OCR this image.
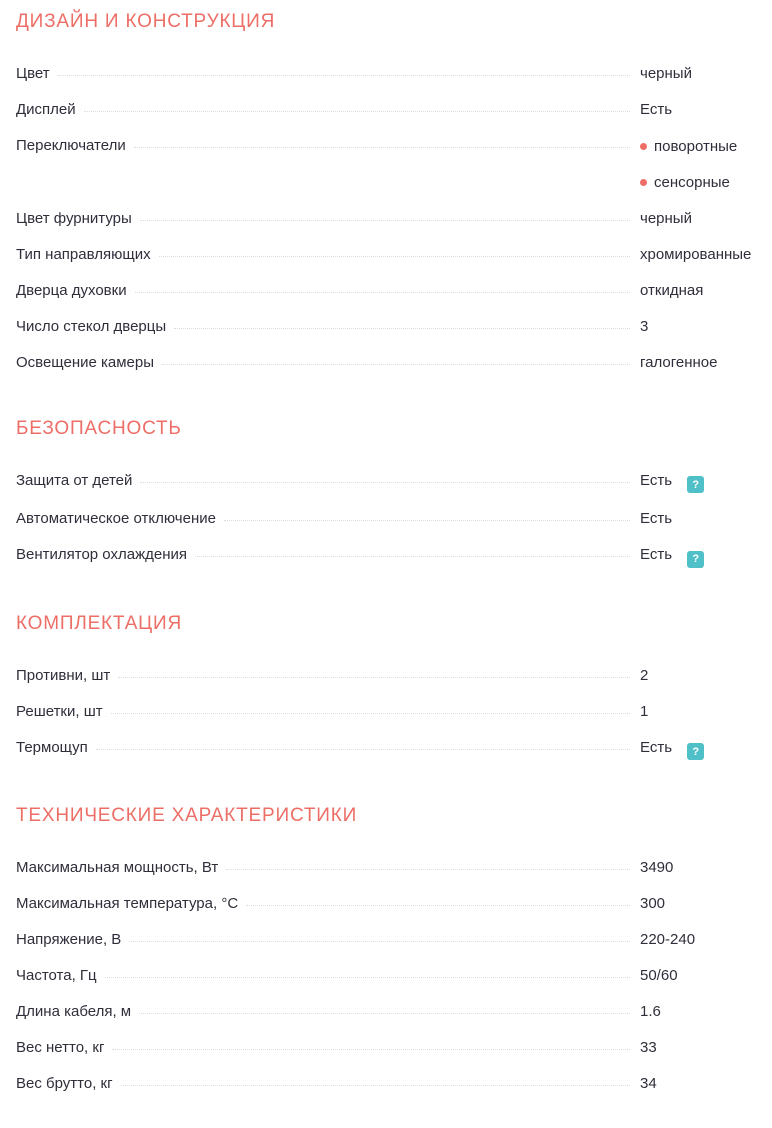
ДИЗАЙН И КОНСТРУКЦИЯ
Цвет	черный
Дисплей	Есть
Переключатели	поворотные
сенсорные
Цвет фурнитуры	черный
Тип направляющих	хромированные
Дверца духовки	откидная
Число стекол дверцы	3
Освещение камеры	галогенное
БЕЗОПАСНОСТЬ
Защита от детей	Есть ?
Автоматическое отключение	Есть
Вентилятор охлаждения	Есть ?
КОМПЛЕКТАЦИЯ
Противни, шт	2
Решетки, шт	1
Термощуп	Есть ?
ТЕХНИЧЕСКИЕ ХАРАКТЕРИСТИКИ
Максимальная мощность, Вт	3490
Максимальная температура, °С	300
Напряжение, В	220-240
Частота, Гц	50/60
Длина кабеля, м	1.6
Вес нетто, кг	33
Вес брутто, кг	34
